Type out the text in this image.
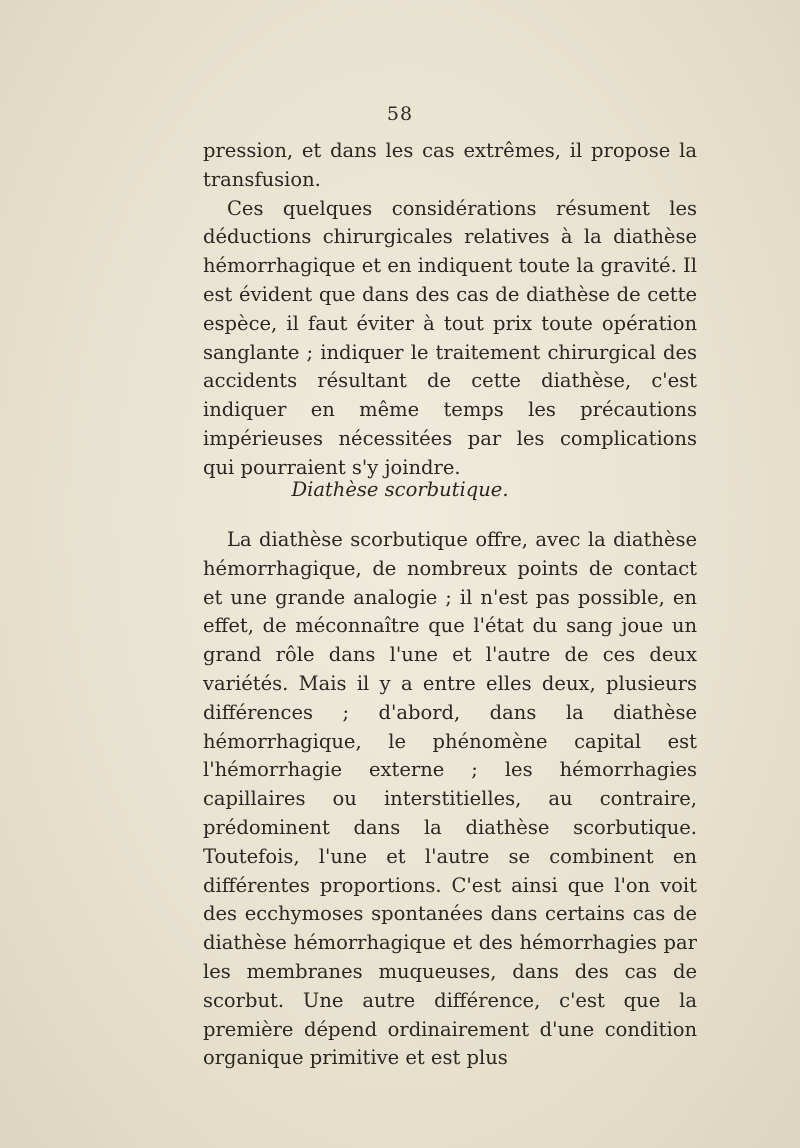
58

pression, et dans les cas extrêmes, il propose la transfusion.

Ces quelques considérations résument les déductions chirurgicales relatives à la diathèse hémorrhagique et en indiquent toute la gravité. Il est évident que dans des cas de diathèse de cette espèce, il faut éviter à tout prix toute opération sanglante ; indiquer le traitement chirurgical des accidents résultant de cette diathèse, c'est indiquer en même temps les précautions impérieuses nécessitées par les complications qui pourraient s'y joindre.

Diathèse scorbutique.

La diathèse scorbutique offre, avec la diathèse hémorrhagique, de nombreux points de contact et une grande analogie ; il n'est pas possible, en effet, de méconnaître que l'état du sang joue un grand rôle dans l'une et l'autre de ces deux variétés. Mais il y a entre elles deux, plusieurs différences ; d'abord, dans la diathèse hémorrhagique, le phénomène capital est l'hémorrhagie externe ; les hémorrhagies capillaires ou interstitielles, au contraire, prédominent dans la diathèse scorbutique. Toutefois, l'une et l'autre se combinent en différentes proportions. C'est ainsi que l'on voit des ecchymoses spontanées dans certains cas de diathèse hémorrhagique et des hémorrhagies par les membranes muqueuses, dans des cas de scorbut. Une autre différence, c'est que la première dépend ordinairement d'une condition organique primitive et est plus
